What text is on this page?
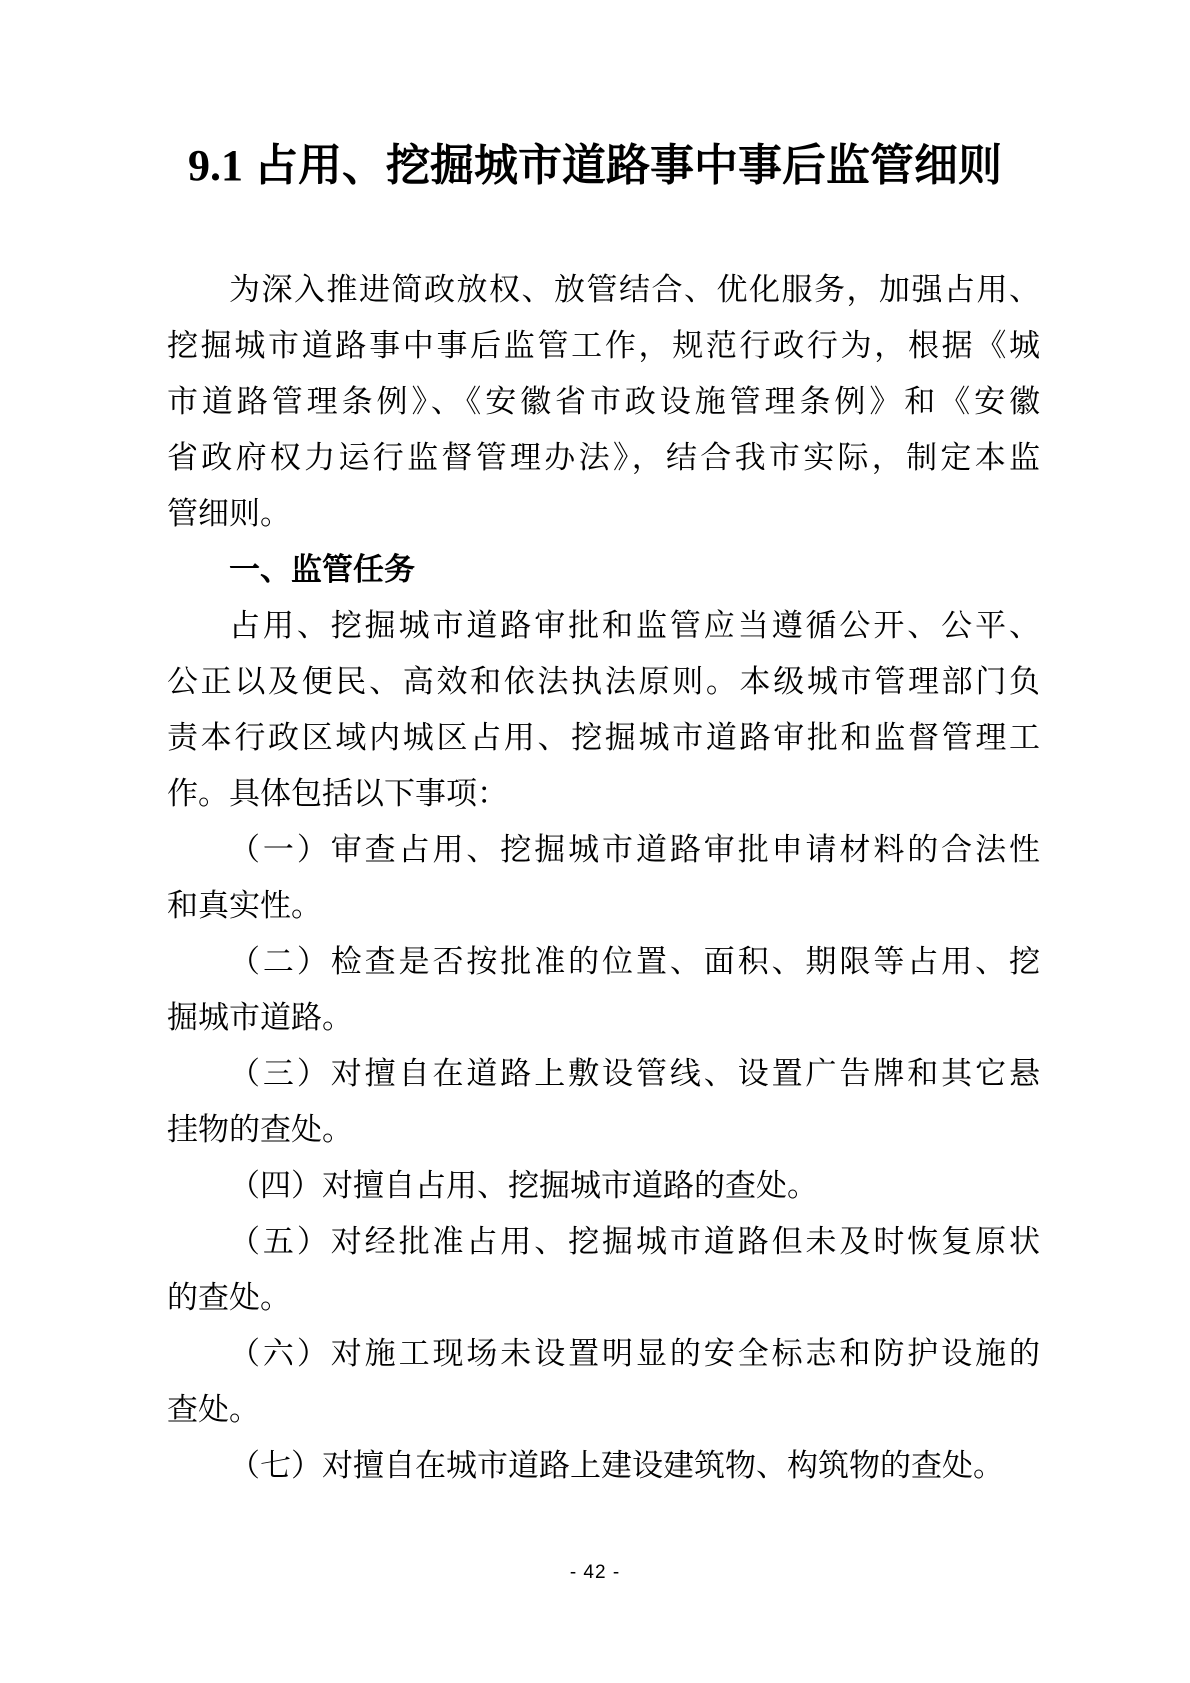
9.1 占用、挖掘城市道路事中事后监管细则
为深入推进简政放权、放管结合、优化服务，加强占用、
挖掘城市道路事中事后监管工作，规范行政行为，根据《城
市道路管理条例》、《安徽省市政设施管理条例》和《安徽
省政府权力运行监督管理办法》，结合我市实际，制定本监
管细则。
一、监管任务
占用、挖掘城市道路审批和监管应当遵循公开、公平、
公正以及便民、高效和依法执法原则。本级城市管理部门负
责本行政区域内城区占用、挖掘城市道路审批和监督管理工
作。具体包括以下事项：
（一）审查占用、挖掘城市道路审批申请材料的合法性
和真实性。
（二）检查是否按批准的位置、面积、期限等占用、挖
掘城市道路。
（三）对擅自在道路上敷设管线、设置广告牌和其它悬
挂物的查处。
（四）对擅自占用、挖掘城市道路的查处。
（五）对经批准占用、挖掘城市道路但未及时恢复原状
的查处。
（六）对施工现场未设置明显的安全标志和防护设施的
查处。
（七）对擅自在城市道路上建设建筑物、构筑物的查处。
- 42 -
